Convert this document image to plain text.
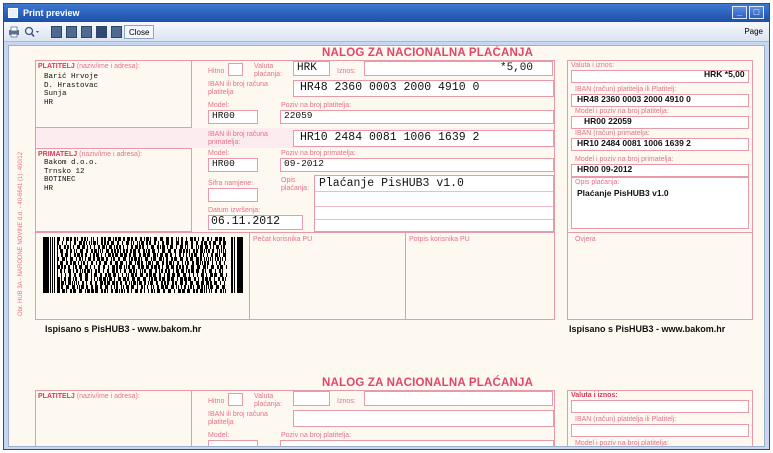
Print preview	_	□
Close	Page
NALOG ZA NACIONALNA PLAĆANJA
Obr. HUB 3A - NARODNE NOVINE d.d. - 40-6641 (1). 400/12
PLATITELJ (naziv/ime i adresa):
Barić Hrvoje
D. Hrastovac
Sunja
HR
Hitno
Valuta plaćanja:
HRK	Iznos:	*5,00
IBAN ili broj računa platitelja	HR48 2360 0003 2000 4910 0
Model:
HR00
Poziv na broj platitelja:
22059
IBAN ili broj računa primatelja:	HR10 2484 0081 1006 1639 2
PRIMATELJ (naziv/ime i adresa):
Bakom d.o.o.
Trnsko 12
BOTINEC
HR
Model:
HR00
Poziv na broj primatelja:
09-2012
Šifra namjene:	Opis plaćanja: Plaćanje PisHUB3 v1.0
Datum izvršenja:
06.11.2012
Pečat korisnika PU	Potpis korisnika PU
Ispisano s PisHUB3 - www.bakom.hr
Valuta i iznos:
HRK *5,00
IBAN (račun) platitelja ili Platitelj:
HR48 2360 0003 2000 4910 0
Model i poziv na broj platitelja:
HR00 22059
IBAN (račun) primatelja:
HR10 2484 0081 1006 1639 2
Model i poziv na broj primatelja:
HR00 09-2012
Opis plaćanja:
Plaćanje PisHUB3 v1.0
Ovjera
Ispisano s PisHUB3 - www.bakom.hr
NALOG ZA NACIONALNA PLAĆANJA
PLATITELJ (naziv/ime i adresa):
Hitno
Valuta plaćanja:	Iznos:
IBAN ili broj računa platitelja
Model:	Poziv na broj platitelja:
Valuta i iznos:
IBAN (račun) platitelja ili Platitelj:
Model i poziv na broj platitelja:
